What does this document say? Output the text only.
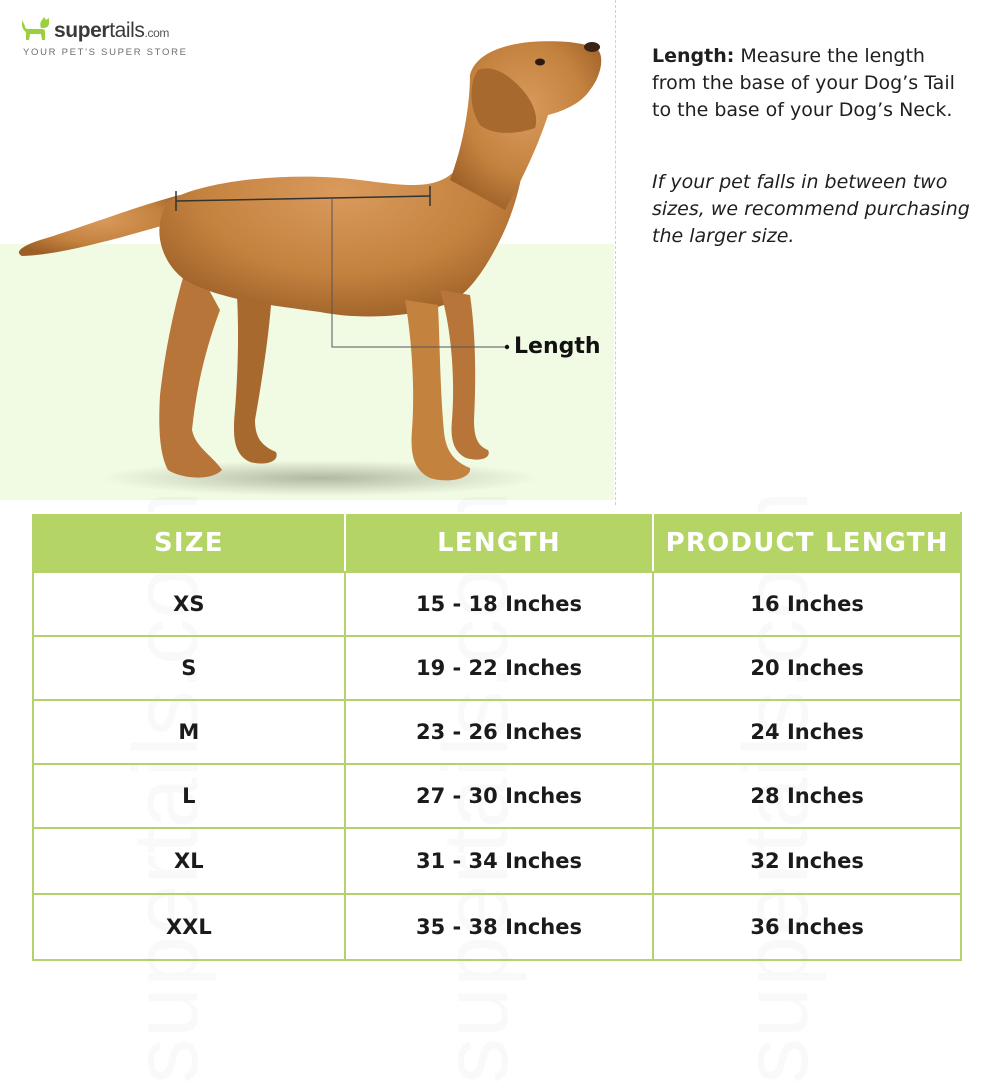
Length
supertails.com
YOUR PET'S SUPER STORE	Length: Measure the length from the base of your Dog’s Tail to the base of your Dog’s Neck.

If your pet falls in between two sizes, we recommend purchasing the larger size.

SIZE	LENGTH	PRODUCT LENGTH
XS	15 - 18 Inches	16 Inches
S	19 - 22 Inches	20 Inches
M	23 - 26 Inches	24 Inches
L	27 - 30 Inches	28 Inches
XL	31 - 34 Inches	32 Inches
XXL	35 - 38 Inches	36 Inches
